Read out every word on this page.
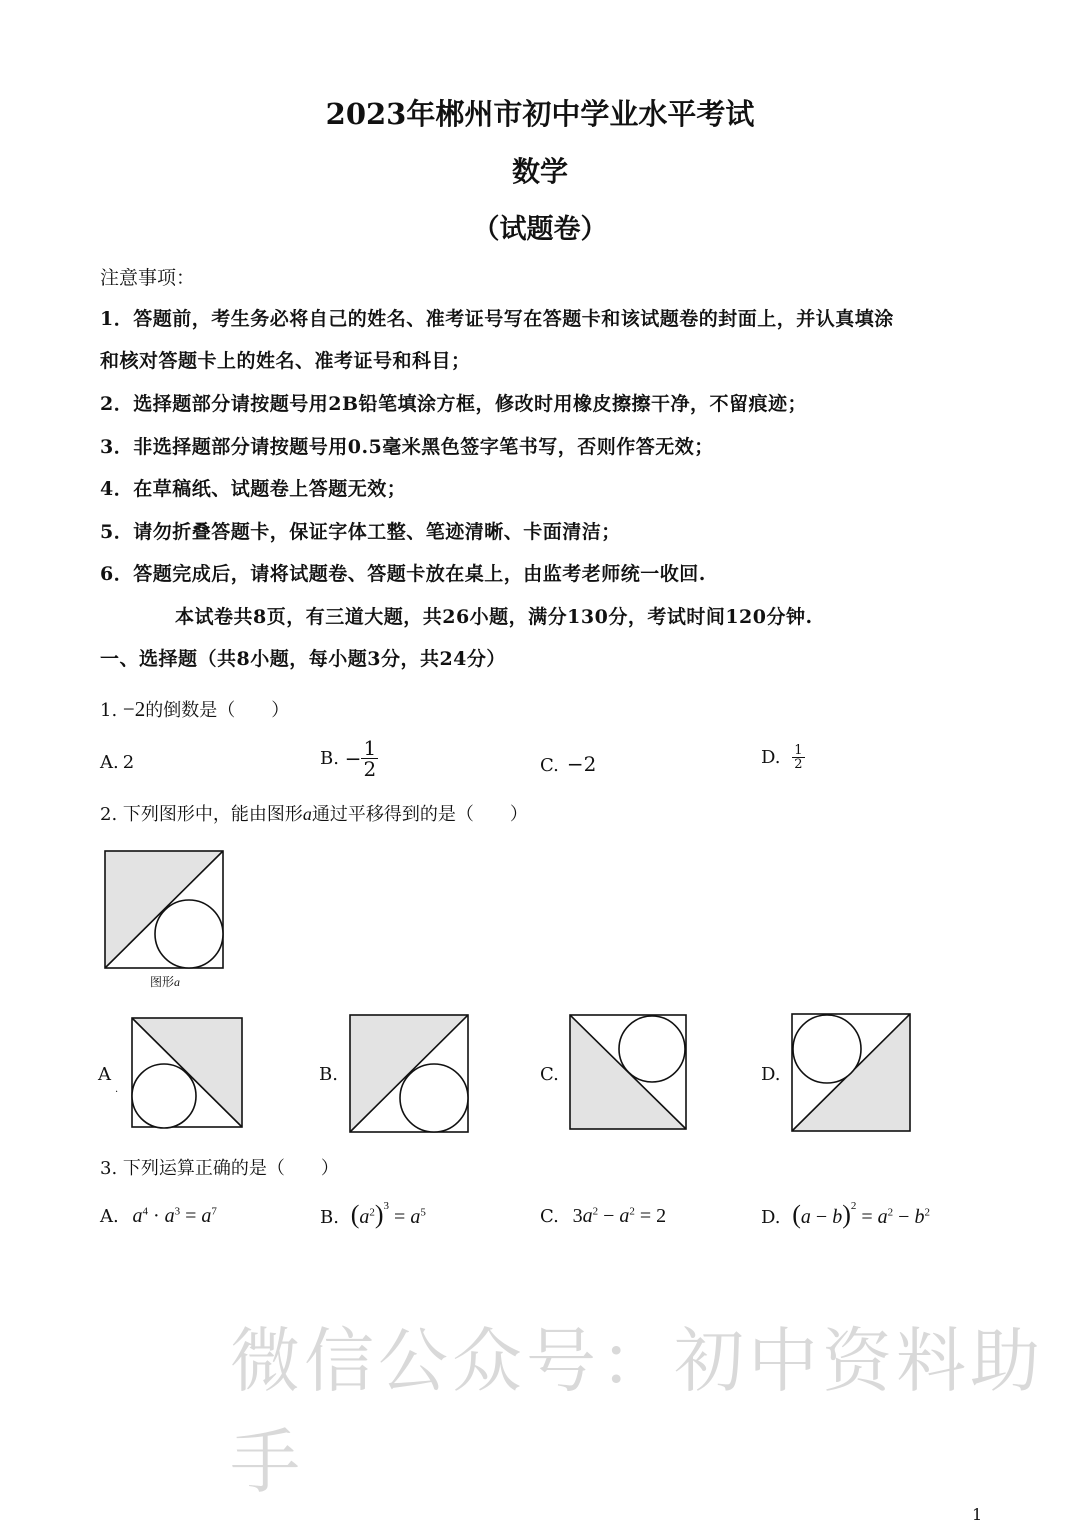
2023年郴州市初中学业水平考试
数学
（试题卷）
注意事项：
1．答题前，考生务必将自己的姓名、准考证号写在答题卡和该试题卷的封面上，并认真填涂
和核对答题卡上的姓名、准考证号和科目；
2．选择题部分请按题号用2B铅笔填涂方框，修改时用橡皮擦擦干净，不留痕迹；
3．非选择题部分请按题号用0.5毫米黑色签字笔书写，否则作答无效；
4．在草稿纸、试题卷上答题无效；
5．请勿折叠答题卡，保证字体工整、笔迹清晰、卡面清洁；
6．答题完成后，请将试题卷、答题卡放在桌上，由监考老师统一收回.
本试卷共8页，有三道大题，共26小题，满分130分，考试时间120分钟.
一、选择题（共8小题，每小题3分，共24分）
1. −2的倒数是（　　）
A. 2	B. − $\frac{1}{2}$	C. −2	D. $\frac{1}{2}$
2. 下列图形中，能由图形a通过平移得到的是（　　）
图形a
A
.
B.	C.	D.
3. 下列运算正确的是（　　）
A. $a^4 \cdot a^3 = a^7$	B. $(a^2)^3 = a^5$	C. $3a^2 - a^2 = 2$	D. $(a - b)^2 = a^2 - b^2$
微信公众号：初中资料助手
1
